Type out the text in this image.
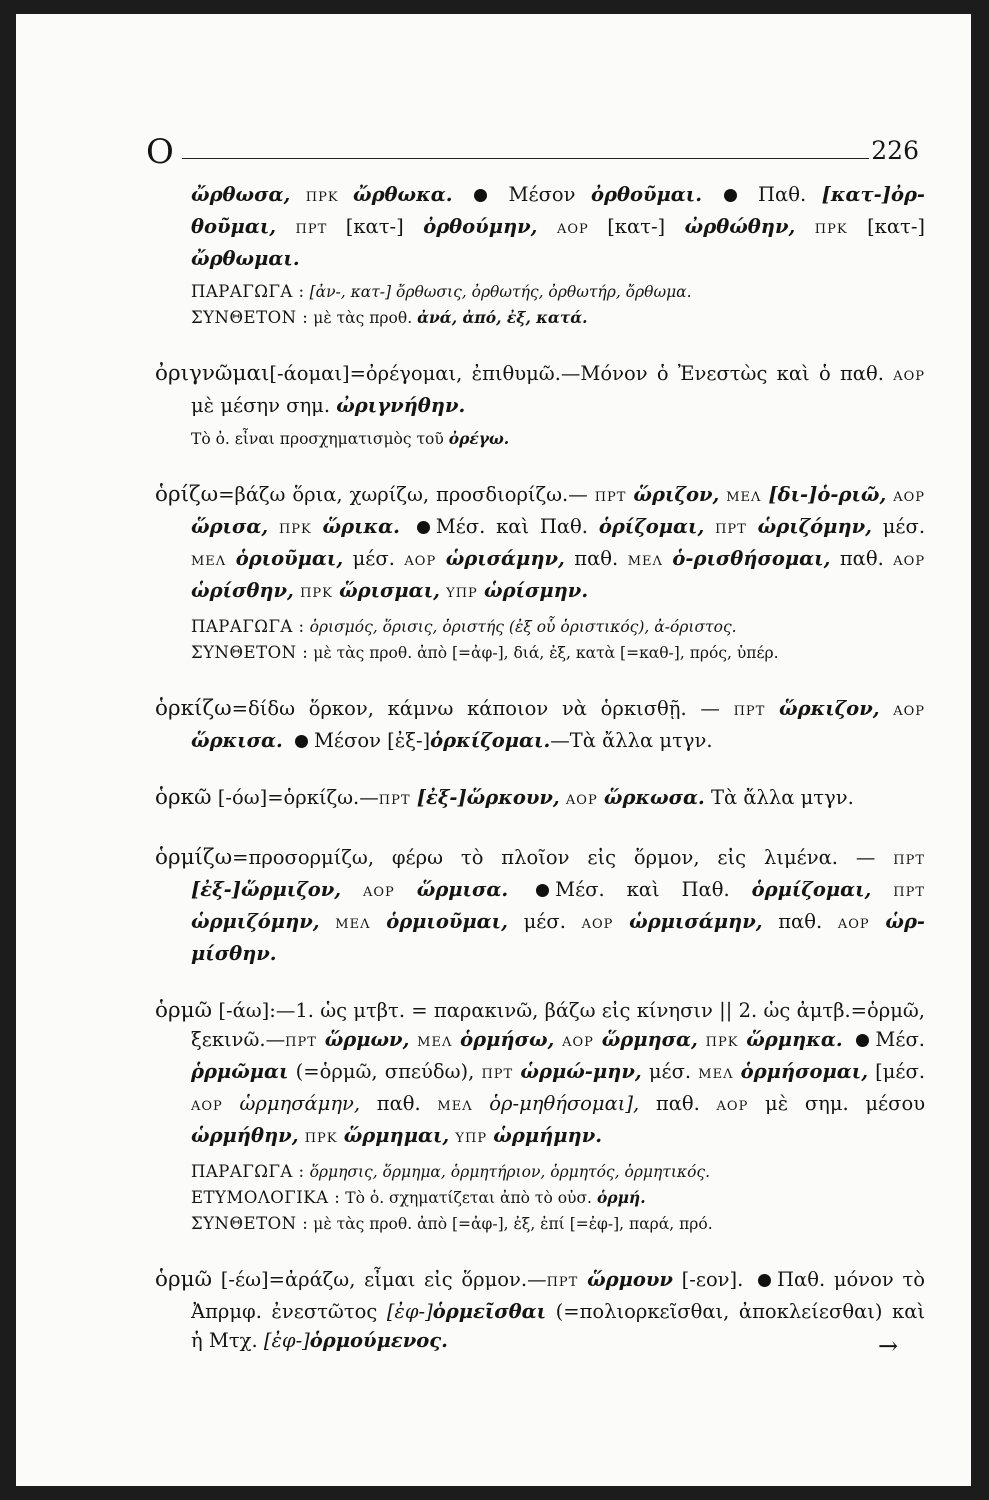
Ο	226

ὤρθωσα, ΠΡΚ ὤρθωκα.  Μέσον ὀρθοῦμαι.  Παθ. [κατ-]ὀρ- θοῦμαι, ΠΡΤ [κατ-] ὀρθούμην, ΑΟΡ [κατ-] ὠρθώθην, ΠΡΚ [κατ-] ὤρθωμαι.

ΠΑΡΑΓΩΓΑ : [ἀν-, κατ-] ὄρθωσις, ὀρθωτής, ὀρθωτήρ, ὄρθωμα.

ΣΥΝΘΕΤΟΝ : μὲ τὰς προθ. ἀνά, ἀπό, ἐξ, κατά.

ὀριγνῶμαι[-άομαι]=ὀρέγομαι, ἐπιθυμῶ.—Μόνον ὁ Ἐνεστὼς καὶ ὁ παθ. ΑΟΡ μὲ μέσην σημ. ὠριγνήθην.

Τὸ ὀ. εἶναι προσχηματισμὸς τοῦ ὀρέγω.

ὁρίζω=βάζω ὅρια, χωρίζω, προσδιορίζω.— ΠΡΤ ὥριζον, ΜΕΛ [δι-]ὁ-ριῶ, ΑΟΡ ὥρισα, ΠΡΚ ὥρικα. Μέσ. καὶ Παθ. ὁρίζομαι, ΠΡΤ ὡριζόμην, μέσ. ΜΕΛ ὁριοῦμαι, μέσ. ΑΟΡ ὡρισάμην, παθ. ΜΕΛ ὁ-ρισθήσομαι, παθ. ΑΟΡ ὡρίσθην, ΠΡΚ ὥρισμαι, ΥΠΡ ὡρίσμην.

ΠΑΡΑΓΩΓΑ : ὁρισμός, ὅρισις, ὁριστής (ἐξ οὗ ὁριστικός), ἀ-όριστος.

ΣΥΝΘΕΤΟΝ : μὲ τὰς προθ. ἀπὸ [=ἀφ-], διά, ἐξ, κατὰ [=καθ-], πρός, ὑπέρ.

ὁρκίζω=δίδω ὅρκον, κάμνω κάποιον νὰ ὁρκισθῇ. — ΠΡΤ ὥρκιζον, ΑΟΡ ὥρκισα. Μέσον [ἐξ-]ὁρκίζομαι.—Τὰ ἄλλα μτγν.

ὁρκῶ [-όω]=ὁρκίζω.—ΠΡΤ [ἐξ-]ὥρκουν, ΑΟΡ ὥρκωσα. Τὰ ἄλλα μτγν.

ὁρμίζω=προσορμίζω, φέρω τὸ πλοῖον εἰς ὅρμον, εἰς λιμένα. — ΠΡΤ [ἐξ-]ὥρμιζον, ΑΟΡ ὥρμισα. Μέσ. καὶ Παθ. ὁρμίζομαι, ΠΡΤ ὡρμιζόμην, ΜΕΛ ὁρμιοῦμαι, μέσ. ΑΟΡ ὡρμισάμην, παθ. ΑΟΡ ὡρ-μίσθην.

ὁρμῶ [-άω]:—1. ὡς μτβτ. = παρακινῶ, βάζω εἰς κίνησιν || 2. ὡς ἀμτβ.=ὁρμῶ, ξεκινῶ.—ΠΡΤ ὥρμων, ΜΕΛ ὁρμήσω, ΑΟΡ ὥρμησα, ΠΡΚ ὥρμηκα. Μέσ. ῥρμῶμαι (=ὁρμῶ, σπεύδω), ΠΡΤ ὡρμώ-μην, μέσ. ΜΕΛ ὁρμήσομαι, [μέσ. ΑΟΡ ὡρμησάμην, παθ. ΜΕΛ ὁρ-μηθήσομαι], παθ. ΑΟΡ μὲ σημ. μέσου ὡρμήθην, ΠΡΚ ὥρμημαι, ΥΠΡ ὡρμήμην.

ΠΑΡΑΓΩΓΑ : ὅρμησις, ὅρμημα, ὁρμητήριον, ὁρμητός, ὁρμητικός.

ΕΤΥΜΟΛΟΓΙΚΑ : Τὸ ὁ. σχηματίζεται ἀπὸ τὸ οὐσ. ὁρμή.

ΣΥΝΘΕΤΟΝ : μὲ τὰς προθ. ἀπὸ [=ἀφ-], ἐξ, ἐπί [=ἐφ-], παρά, πρό.

ὁρμῶ [-έω]=ἀράζω, εἶμαι εἰς ὅρμον.—ΠΡΤ ὥρμουν [-εον]. Παθ. μόνον τὸ Ἀπρμφ. ἐνεστῶτος [ἐφ-]ὁρμεῖσθαι (=πολιορκεῖσθαι, ἀποκλείεσθαι) καὶ ἡ Μτχ. [ἐφ-]ὁρμούμενος.	→
